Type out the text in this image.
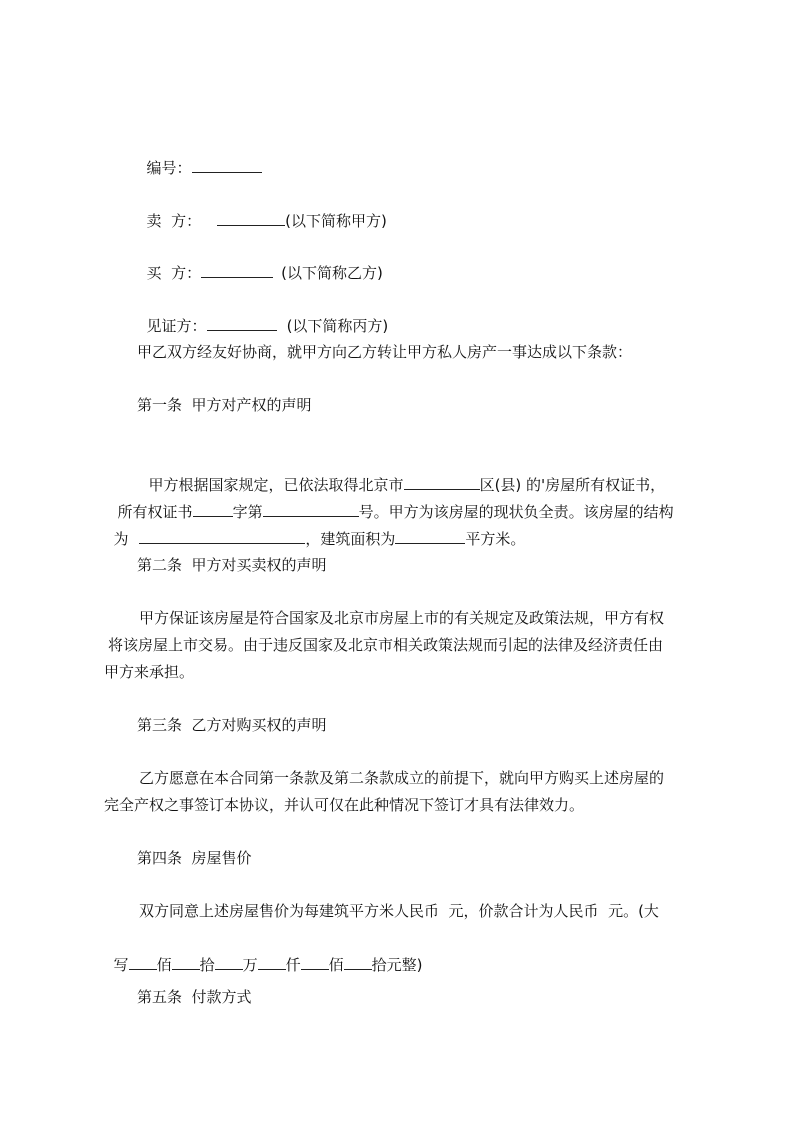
编号：

卖  方：	(以下简称甲方)

买  方：	(以下简称乙方)

见证方：	(以下简称丙方)

甲乙双方经友好协商，就甲方向乙方转让甲方私人房产一事达成以下条款：
第一条  甲方对产权的声明

甲方根据国家规定，已依法取得北京市	区(县) 的'房屋所有权证书，

所有权证书	字第	号。甲方为该房屋的现状负全责。该房屋的结构

为	，建筑面积为	平方米。

第二条  甲方对买卖权的声明
甲方保证该房屋是符合国家及北京市房屋上市的有关规定及政策法规，甲方有权
将该房屋上市交易。由于违反国家及北京市相关政策法规而引起的法律及经济责任由
甲方来承担。
第三条  乙方对购买权的声明
乙方愿意在本合同第一条款及第二条款成立的前提下，就向甲方购买上述房屋的
完全产权之事签订本协议，并认可仅在此种情况下签订才具有法律效力。
第四条  房屋售价
双方同意上述房屋售价为每建筑平方米人民币  元，价款合计为人民币  元。(大

写 佰 拾 万 仟 佰 拾元整)

第五条  付款方式
